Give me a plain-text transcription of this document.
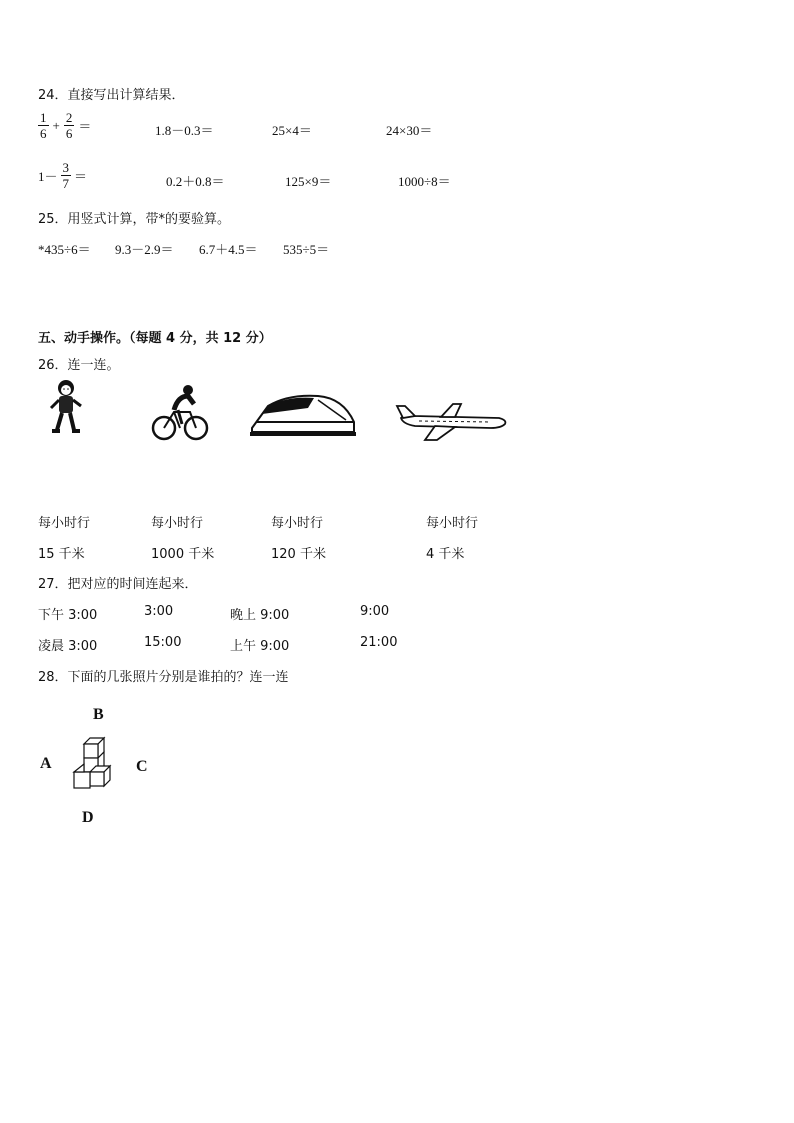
24．直接写出计算结果．
$\frac{1}{6} + \frac{2}{6}$ ＝	1.8－0.3＝	25×4＝	24×30＝
$1- \frac{3}{7}$ ＝	0.2＋0.8＝	125×9＝	1000÷8＝
25．用竖式计算，带*的要验算。
*435÷6＝ 9.3－2.9＝ 6.7＋4.5＝ 535÷5＝
五、动手操作。（每题 4 分，共 12 分）
26．连一连。
每小时行	每小时行	每小时行	每小时行
15 千米	1000 千米	120 千米	4 千米
27．把对应的时间连起来．
下午 3:00	3:00	晚上 9:00	9:00
凌晨 3:00	15:00	上午 9:00	21:00
28．下面的几张照片分别是谁拍的？连一连
B
A	C
D
